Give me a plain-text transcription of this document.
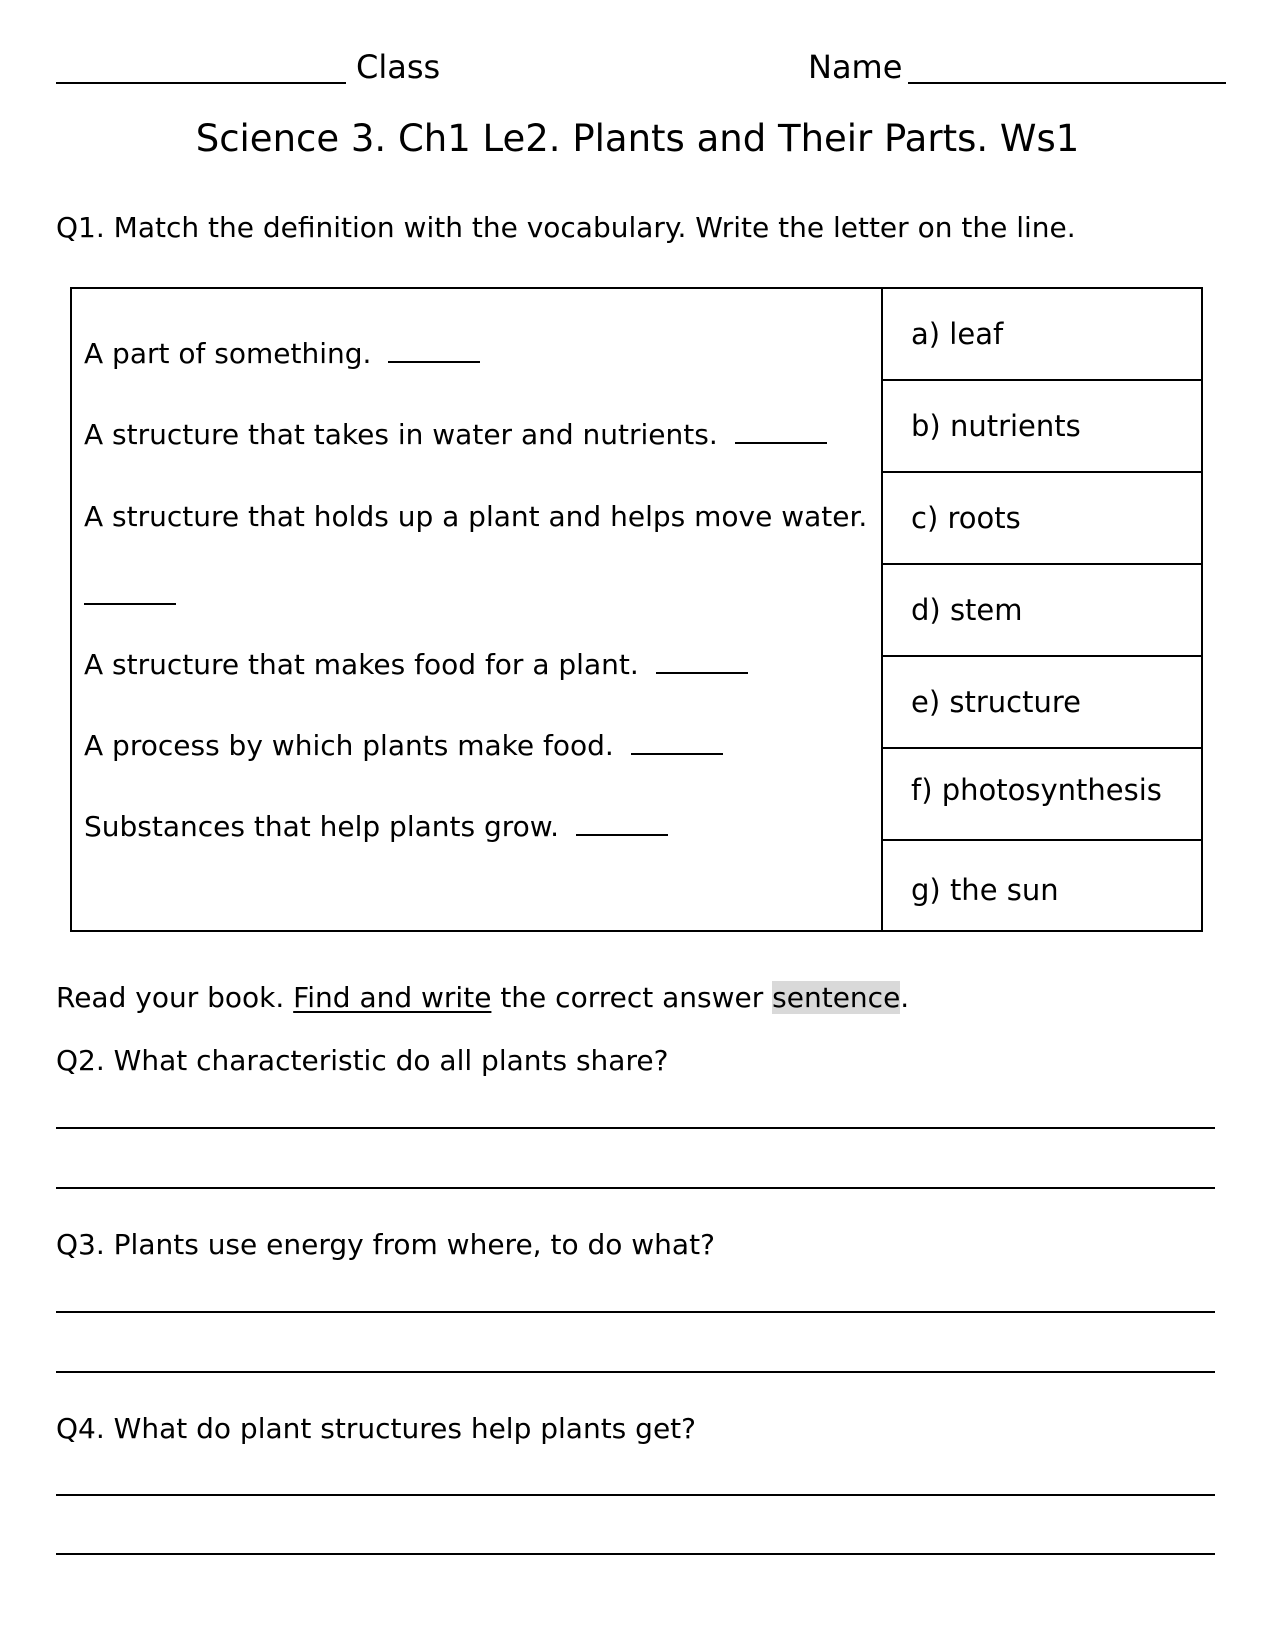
Class	Name
Science 3. Ch1 Le2. Plants and Their Parts. Ws1
Q1. Match the definition with the vocabulary. Write the letter on the line.
A part of something.
A structure that takes in water and nutrients.
A structure that holds up a plant and helps move water.
A structure that makes food for a plant.
A process by which plants make food.
Substances that help plants grow.
a) leaf
b) nutrients
c) roots
d) stem
e) structure
f) photosynthesis
g) the sun
Read your book. Find and write the correct answer sentence.
Q2. What characteristic do all plants share?
Q3. Plants use energy from where, to do what?
Q4. What do plant structures help plants get?
